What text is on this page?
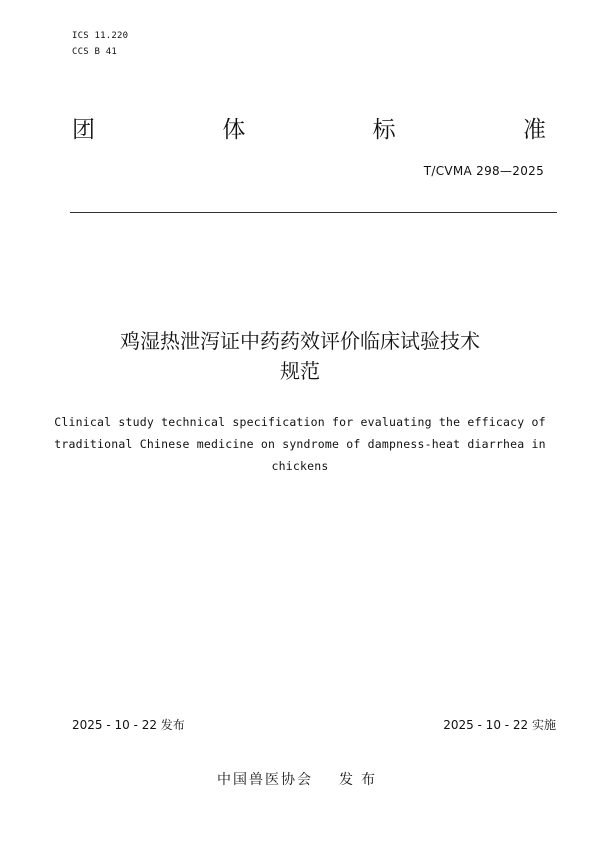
ICS 11.220
CCS B 41
团	体	标	准
T/CVMA 298—2025
鸡湿热泄泻证中药药效评价临床试验技术
规范
Clinical study technical specification for evaluating the efficacy of
traditional Chinese medicine on syndrome of dampness-heat diarrhea in
chickens
2025 - 10 - 22 发布	2025 - 10 - 22 实施
中国兽医协会 发布
